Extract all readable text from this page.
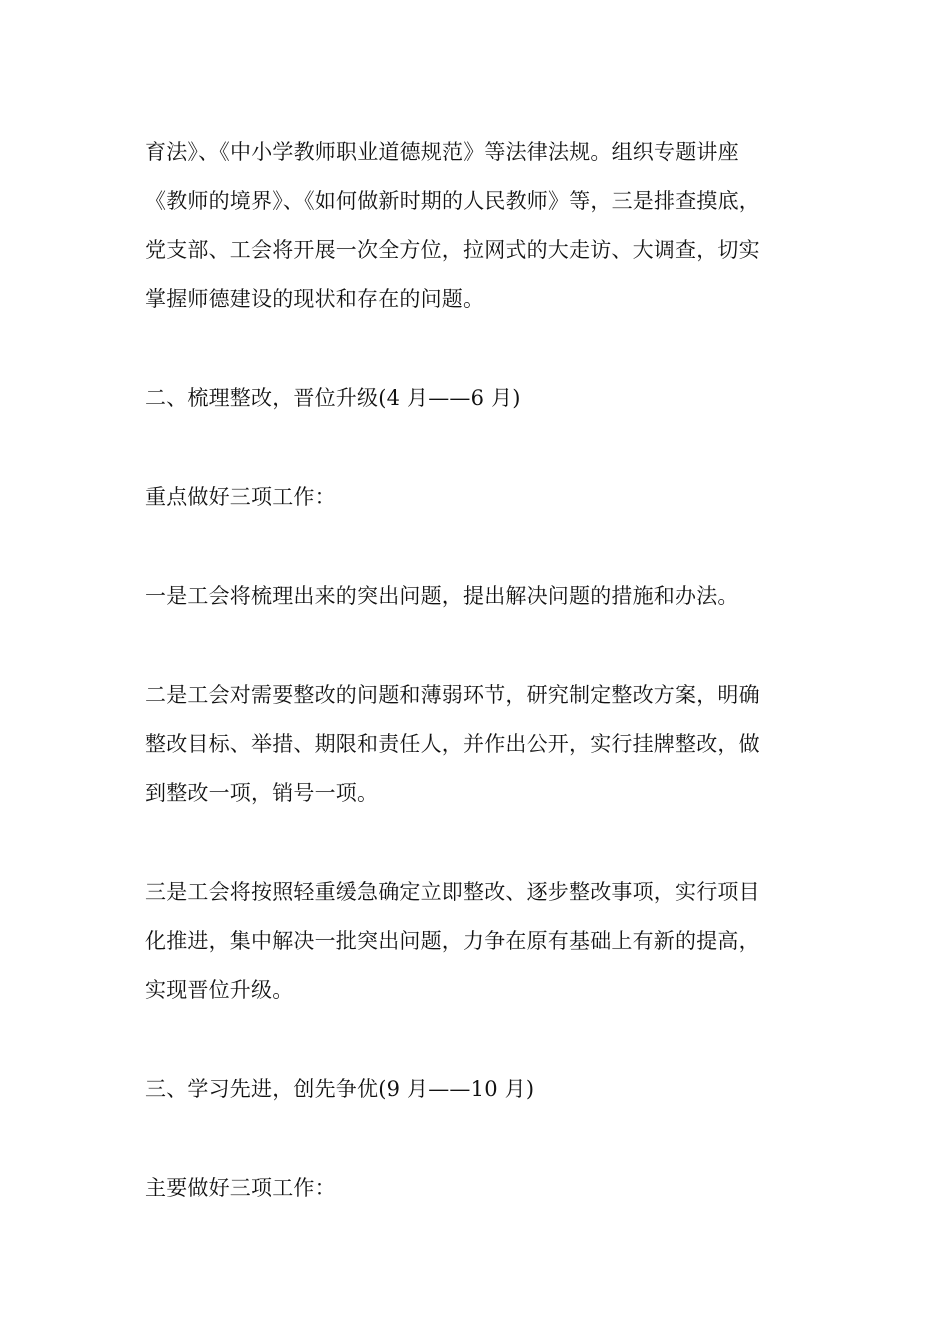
育法》、《中小学教师职业道德规范》等法律法规。组织专题讲座
《教师的境界》、《如何做新时期的人民教师》等，三是排查摸底，
党支部、工会将开展一次全方位，拉网式的大走访、大调查，切实
掌握师德建设的现状和存在的问题。

二、梳理整改，晋位升级(4 月——6 月)

重点做好三项工作：

一是工会将梳理出来的突出问题，提出解决问题的措施和办法。

二是工会对需要整改的问题和薄弱环节，研究制定整改方案，明确
整改目标、举措、期限和责任人，并作出公开，实行挂牌整改，做
到整改一项，销号一项。

三是工会将按照轻重缓急确定立即整改、逐步整改事项，实行项目
化推进，集中解决一批突出问题，力争在原有基础上有新的提高，
实现晋位升级。

三、学习先进，创先争优(9 月——10 月)

主要做好三项工作：
